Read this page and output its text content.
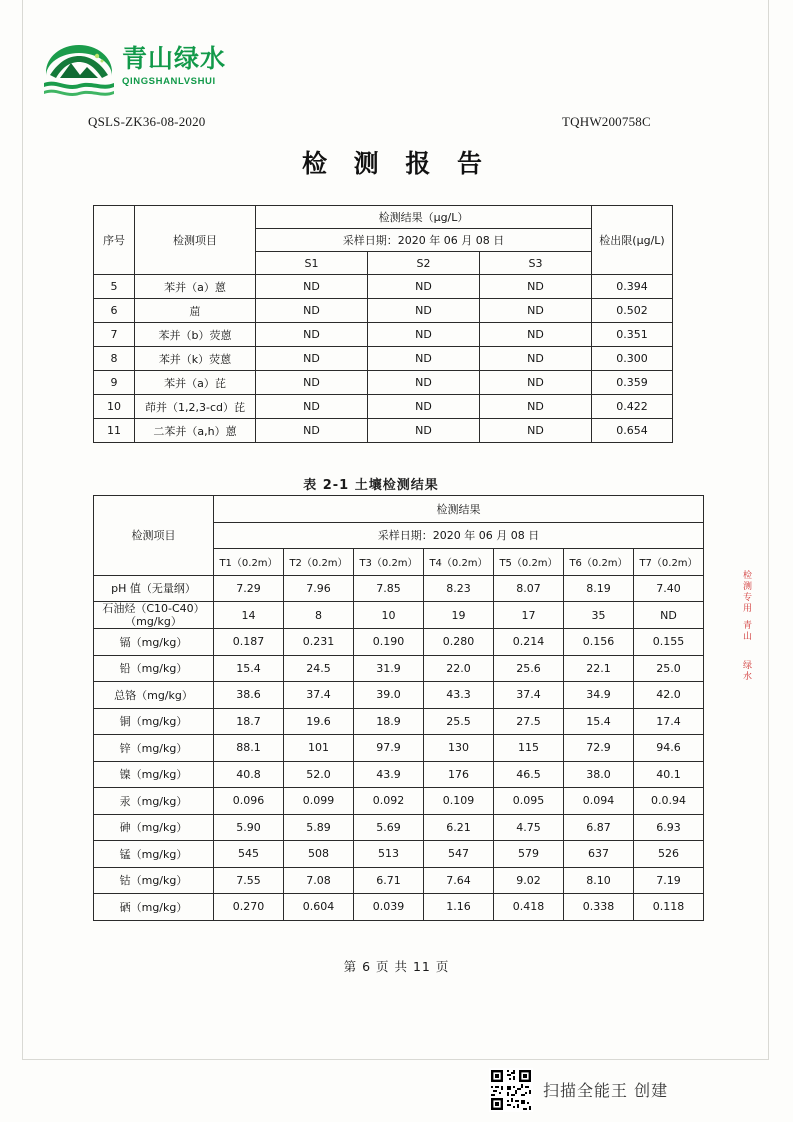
青山绿水
QINGSHANLVSHUI
QSLS-ZK36-08-2020	TQHW200758C
检 测 报 告
序号	检测项目	检测结果（μg/L）			检出限(μg/L)
		采样日期：2020 年 06 月 08 日			
		S1	S2	S3	
5	苯并（a）蒽	ND	ND	ND	0.394
6	䓛	ND	ND	ND	0.502
7	苯并（b）荧蒽	ND	ND	ND	0.351
8	苯并（k）荧蒽	ND	ND	ND	0.300
9	苯并（a）芘	ND	ND	ND	0.359
10	茚并（1,2,3-cd）芘	ND	ND	ND	0.422
11	二苯并（a,h）蒽	ND	ND	ND	0.654
表 2-1 土壤检测结果
检测项目	检测结果						
	采样日期：2020 年 06 月 08 日						
	T1（0.2m）	T2（0.2m）	T3（0.2m）	T4（0.2m）	T5（0.2m）	T6（0.2m）	T7（0.2m）
pH 值（无量纲）	7.29	7.96	7.85	8.23	8.07	8.19	7.40

石油烃（C10-C40）
（mg/kg）	14	8	10	19	17	35	ND
镉（mg/kg）	0.187	0.231	0.190	0.280	0.214	0.156	0.155
铅（mg/kg）	15.4	24.5	31.9	22.0	25.6	22.1	25.0
总铬（mg/kg）	38.6	37.4	39.0	43.3	37.4	34.9	42.0
铜（mg/kg）	18.7	19.6	18.9	25.5	27.5	15.4	17.4
锌（mg/kg）	88.1	101	97.9	130	115	72.9	94.6
镍（mg/kg）	40.8	52.0	43.9	176	46.5	38.0	40.1
汞（mg/kg）	0.096	0.099	0.092	0.109	0.095	0.094	0.0.94
砷（mg/kg）	5.90	5.89	5.69	6.21	4.75	6.87	6.93
锰（mg/kg）	545	508	513	547	579	637	526
钴（mg/kg）	7.55	7.08	6.71	7.64	9.02	8.10	7.19
硒（mg/kg）	0.270	0.604	0.039	1.16	0.418	0.338	0.118
检测专用
青山
绿水
第 6 页 共 11 页
扫描全能王 创建
